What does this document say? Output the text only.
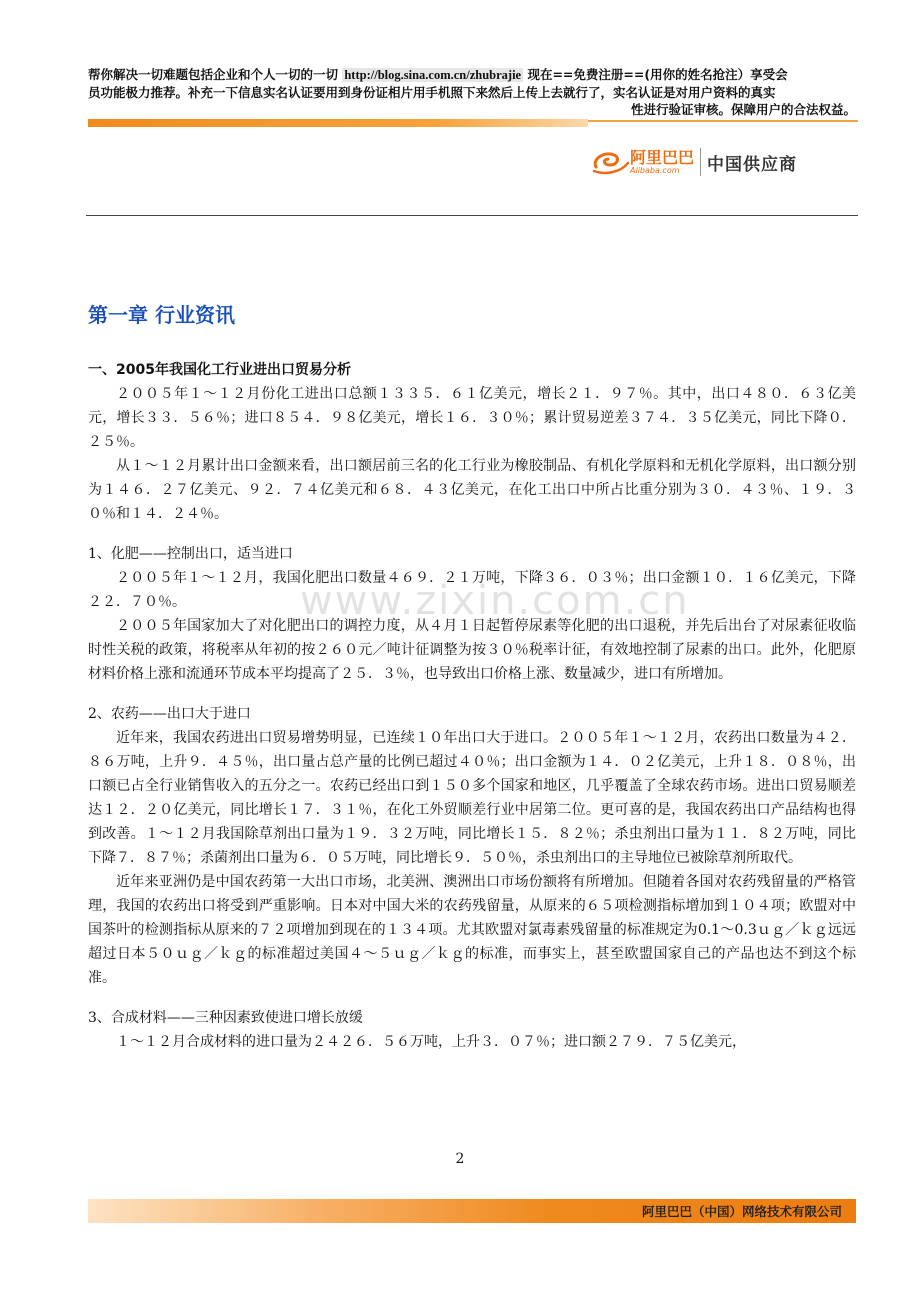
帮你解决一切难题包括企业和个人一切的一切 http://blog.sina.com.cn/zhubrajie 现在==免费注册==(用你的姓名抢注）享受会
员功能极力推荐。补充一下信息实名认证要用到身份证相片用手机照下来然后上传上去就行了，实名认证是对用户资料的真实
性进行验证审核。保障用户的合法权益。
阿里巴巴
Alibaba.com	中国供应商
www.zixin.com.cn
第一章 行业资讯
一、2005年我国化工行业进出口贸易分析

２００５年１～１２月份化工进出口总额１３３５．６１亿美元，增长２１．９７％。其中，出口４８０．６３亿美元，增长３３．５６％；进口８５４．９８亿美元，增长１６．３０％；累计贸易逆差３７４．３５亿美元，同比下降０．２５％。

从１～１２月累计出口金额来看，出口额居前三名的化工行业为橡胶制品、有机化学原料和无机化学原料，出口额分别为１４６．２７亿美元、９２．７４亿美元和６８．４３亿美元，在化工出口中所占比重分别为３０．４３％、１９．３０％和１４．２４％。

1、化肥——控制出口，适当进口

２００５年１～１２月，我国化肥出口数量４６９．２１万吨，下降３６．０３％；出口金额１０．１６亿美元，下降２２．７０％。

２００５年国家加大了对化肥出口的调控力度，从４月１日起暂停尿素等化肥的出口退税，并先后出台了对尿素征收临时性关税的政策，将税率从年初的按２６０元／吨计征调整为按３０％税率计征，有效地控制了尿素的出口。此外，化肥原材料价格上涨和流通环节成本平均提高了２５．３％，也导致出口价格上涨、数量减少，进口有所增加。

2、农药——出口大于进口

近年来，我国农药进出口贸易增势明显，已连续１０年出口大于进口。２００５年１～１２月，农药出口数量为４２．８６万吨，上升９．４５％，出口量占总产量的比例已超过４０％；出口金额为１４．０２亿美元，上升１８．０８％，出口额已占全行业销售收入的五分之一。农药已经出口到１５０多个国家和地区，几乎覆盖了全球农药市场。进出口贸易顺差达１２．２０亿美元，同比增长１７．３１％，在化工外贸顺差行业中居第二位。更可喜的是，我国农药出口产品结构也得到改善。１～１２月我国除草剂出口量为１９．３２万吨，同比增长１５．８２％；杀虫剂出口量为１１．８２万吨，同比下降７．８７％；杀菌剂出口量为６．０５万吨，同比增长９．５０％，杀虫剂出口的主导地位已被除草剂所取代。

近年来亚洲仍是中国农药第一大出口市场，北美洲、澳洲出口市场份额将有所增加。但随着各国对农药残留量的严格管理，我国的农药出口将受到严重影响。日本对中国大米的农药残留量，从原来的６５项检测指标增加到１０４项；欧盟对中国茶叶的检测指标从原来的７２项增加到现在的１３４项。尤其欧盟对氯毒素残留量的标准规定为0.1～0.3ｕｇ／ｋｇ远远超过日本５０ｕｇ／ｋｇ的标准超过美国４～５ｕｇ／ｋｇ的标准，而事实上，甚至欧盟国家自己的产品也达不到这个标准。

3、合成材料——三种因素致使进口增长放缓

１～１２月合成材料的进口量为２４２６．５６万吨，上升３．０７％；进口额２７９．７５亿美元，

2
阿里巴巴（中国）网络技术有限公司
